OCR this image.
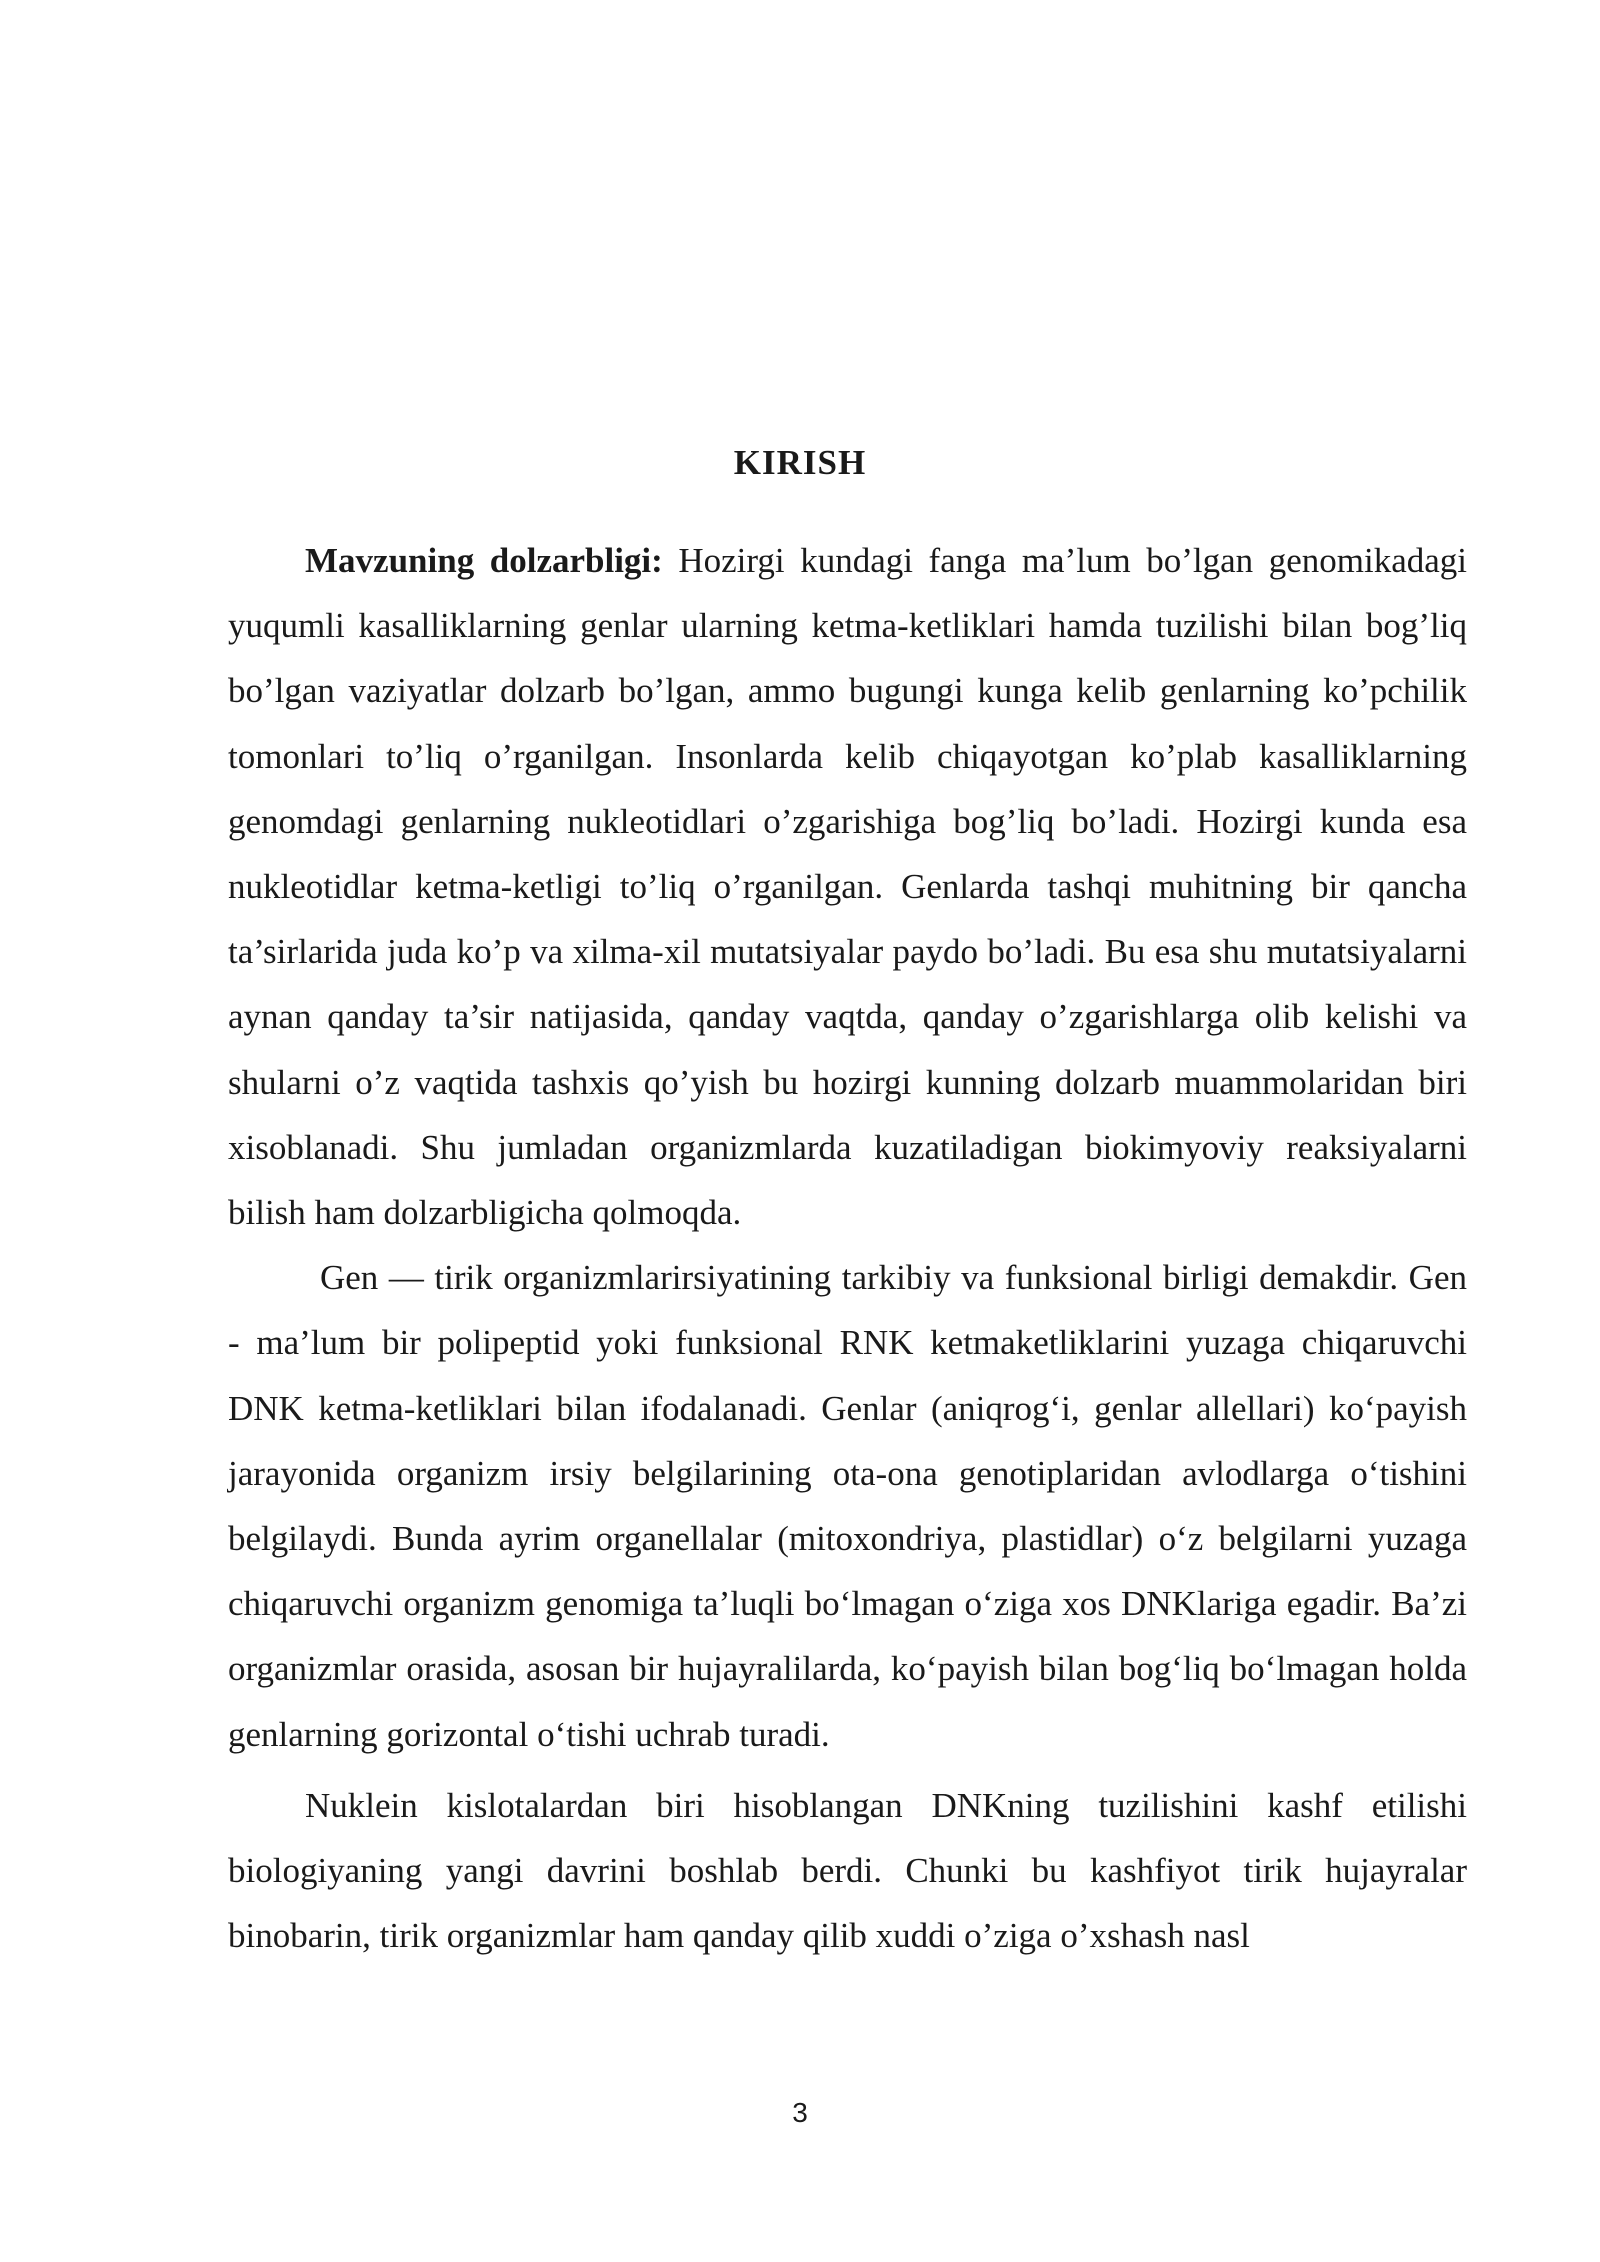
KIRISH

Mavzuning dolzarbligi: Hozirgi kundagi fanga ma’lum bo’lgan genomikadagi yuqumli kasalliklarning genlar ularning ketma-ketliklari hamda tuzilishi bilan bog’liq bo’lgan vaziyatlar dolzarb bo’lgan, ammo bugungi kunga kelib genlarning ko’pchilik tomonlari to’liq o’rganilgan. Insonlarda kelib chiqayotgan ko’plab kasalliklarning genomdagi genlarning nukleotidlari o’zgarishiga bog’liq bo’ladi. Hozirgi kunda esa nukleotidlar ketma-ketligi to’liq o’rganilgan. Genlarda tashqi muhitning bir qancha ta’sirlarida juda ko’p va xilma-xil mutatsiyalar paydo bo’ladi. Bu esa shu mutatsiyalarni aynan qanday ta’sir natijasida, qanday vaqtda, qanday o’zgarishlarga olib kelishi va shularni o’z vaqtida tashxis qo’yish bu hozirgi kunning dolzarb muammolaridan biri xisoblanadi. Shu jumladan organizmlarda kuzatiladigan biokimyoviy reaksiyalarni bilish ham dolzarbligicha qolmoqda.

Gen — tirik organizmlarirsiyatining tarkibiy va funksional birligi demakdir. Gen - ma’lum bir polipeptid yoki funksional RNK ketmaketliklarini yuzaga chiqaruvchi DNK ketma-ketliklari bilan ifodalanadi. Genlar (aniqrog‘i, genlar allellari) ko‘payish jarayonida organizm irsiy belgilarining ota-ona genotiplaridan avlodlarga o‘tishini belgilaydi. Bunda ayrim organellalar (mitoxondriya, plastidlar) o‘z belgilarni yuzaga chiqaruvchi organizm genomiga ta’luqli bo‘lmagan o‘ziga xos DNKlariga egadir. Ba’zi organizmlar orasida, asosan bir hujayralilarda, ko‘payish bilan bog‘liq bo‘lmagan holda genlarning gorizontal o‘tishi uchrab turadi.

Nuklein kislotalardan biri hisoblangan DNKning tuzilishini kashf etilishi biologiyaning yangi davrini boshlab berdi. Chunki bu kashfiyot tirik hujayralar binobarin, tirik organizmlar ham qanday qilib xuddi o’ziga o’xshash nasl

3
